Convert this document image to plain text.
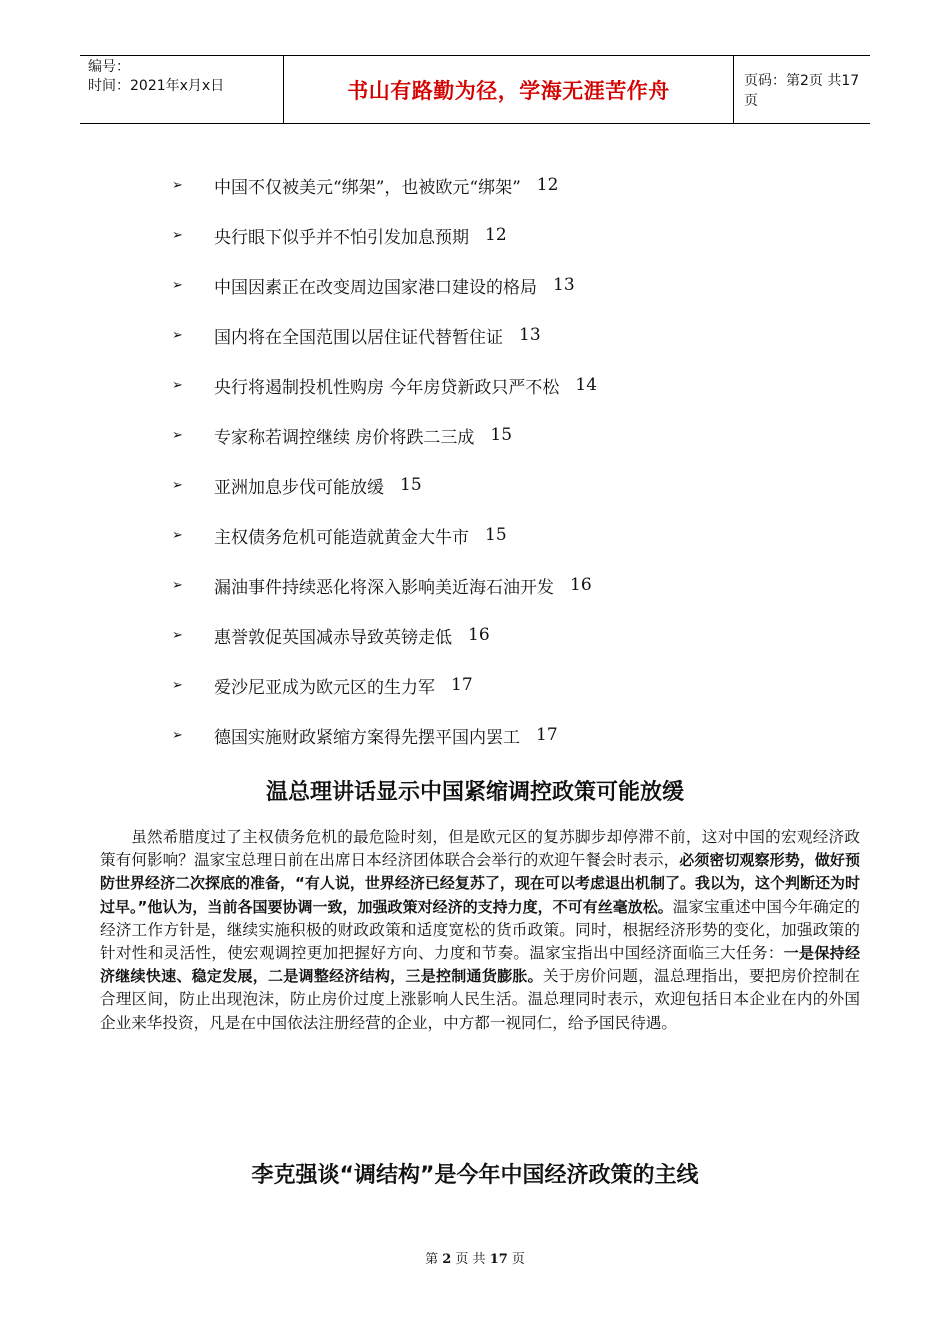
编号：
时间：2021年x月x日	书山有路勤为径，学海无涯苦作舟	页码：第2页 共17页
➢	中国不仅被美元“绑架”，也被欧元“绑架” 12
➢	央行眼下似乎并不怕引发加息预期 12
➢	中国因素正在改变周边国家港口建设的格局 13
➢	国内将在全国范围以居住证代替暂住证 13
➢	央行将遏制投机性购房 今年房贷新政只严不松 14
➢	专家称若调控继续 房价将跌二三成 15
➢	亚洲加息步伐可能放缓 15
➢	主权债务危机可能造就黄金大牛市 15
➢	漏油事件持续恶化将深入影响美近海石油开发 16
➢	惠誉敦促英国减赤导致英镑走低 16
➢	爱沙尼亚成为欧元区的生力军 17
➢	德国实施财政紧缩方案得先摆平国内罢工 17
温总理讲话显示中国紧缩调控政策可能放缓
虽然希腊度过了主权债务危机的最危险时刻，但是欧元区的复苏脚步却停滞不前，这对中国的宏观经济政策有何影响？温家宝总理日前在出席日本经济团体联合会举行的欢迎午餐会时表示，必须密切观察形势，做好预防世界经济二次探底的准备，“有人说，世界经济已经复苏了，现在可以考虑退出机制了。我以为，这个判断还为时过早。”他认为，当前各国要协调一致，加强政策对经济的支持力度，不可有丝毫放松。温家宝重述中国今年确定的经济工作方针是，继续实施积极的财政政策和适度宽松的货币政策。同时，根据经济形势的变化，加强政策的针对性和灵活性，使宏观调控更加把握好方向、力度和节奏。温家宝指出中国经济面临三大任务：一是保持经济继续快速、稳定发展，二是调整经济结构，三是控制通货膨胀。关于房价问题，温总理指出，要把房价控制在合理区间，防止出现泡沫，防止房价过度上涨影响人民生活。温总理同时表示，欢迎包括日本企业在内的外国企业来华投资，凡是在中国依法注册经营的企业，中方都一视同仁，给予国民待遇。
李克强谈“调结构”是今年中国经济政策的主线
第 2 页 共 17 页
